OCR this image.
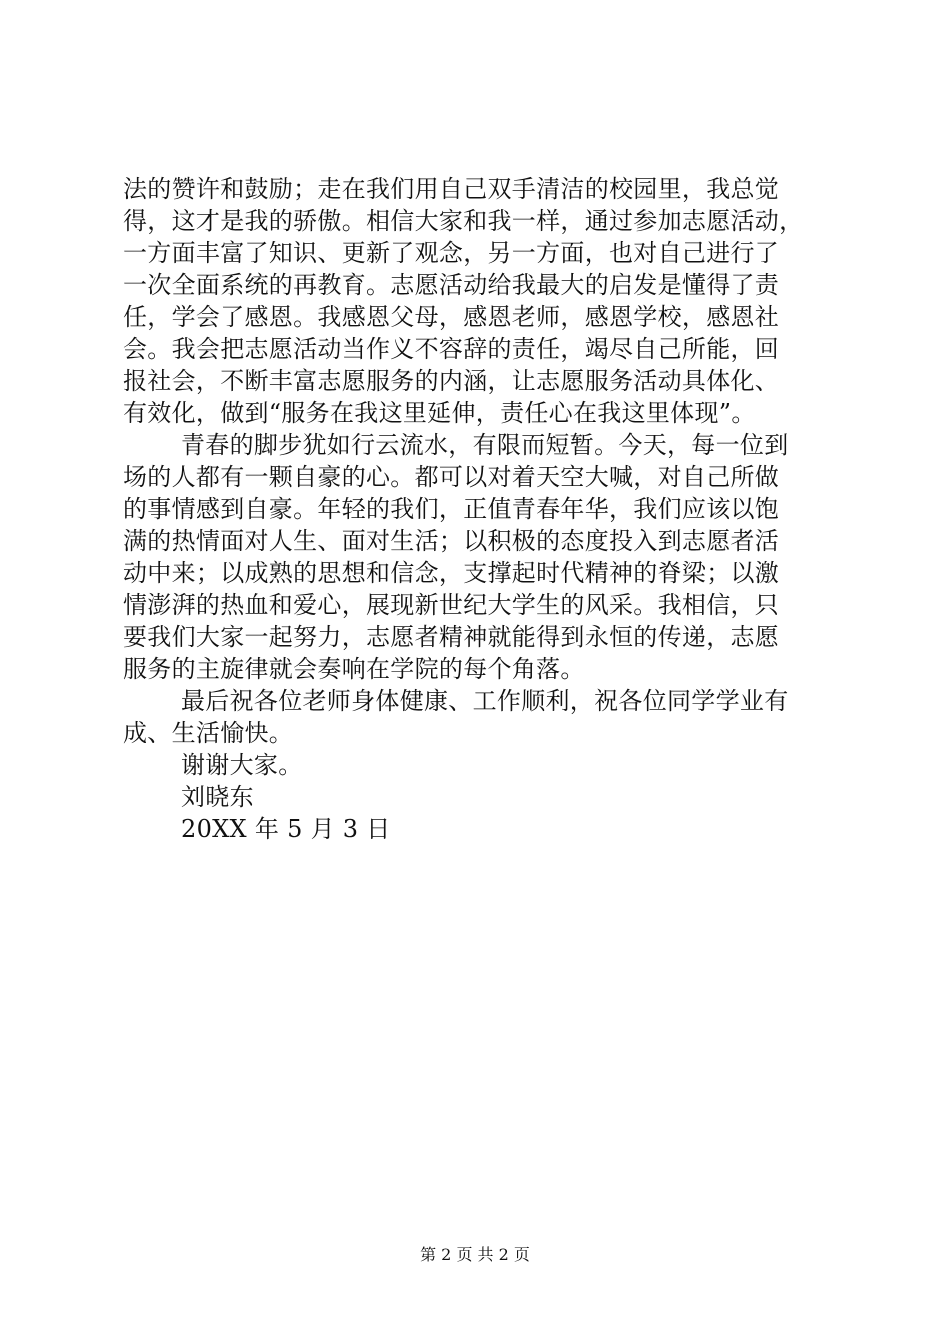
法的赞许和鼓励；走在我们用自己双手清洁的校园里，我总觉
得，这才是我的骄傲。相信大家和我一样，通过参加志愿活动，
一方面丰富了知识、更新了观念，另一方面，也对自己进行了
一次全面系统的再教育。志愿活动给我最大的启发是懂得了责
任，学会了感恩。我感恩父母，感恩老师，感恩学校，感恩社
会。我会把志愿活动当作义不容辞的责任，竭尽自己所能，回
报社会，不断丰富志愿服务的内涵，让志愿服务活动具体化、
有效化，做到“服务在我这里延伸，责任心在我这里体现”。
青春的脚步犹如行云流水，有限而短暂。今天，每一位到
场的人都有一颗自豪的心。都可以对着天空大喊，对自己所做
的事情感到自豪。年轻的我们，正值青春年华，我们应该以饱
满的热情面对人生、面对生活；以积极的态度投入到志愿者活
动中来；以成熟的思想和信念，支撑起时代精神的脊梁；以激
情澎湃的热血和爱心，展现新世纪大学生的风采。我相信，只
要我们大家一起努力，志愿者精神就能得到永恒的传递，志愿
服务的主旋律就会奏响在学院的每个角落。
最后祝各位老师身体健康、工作顺利，祝各位同学学业有
成、生活愉快。
谢谢大家。
刘晓东
20XX 年 5 月 3 日
第 2 页 共 2 页
